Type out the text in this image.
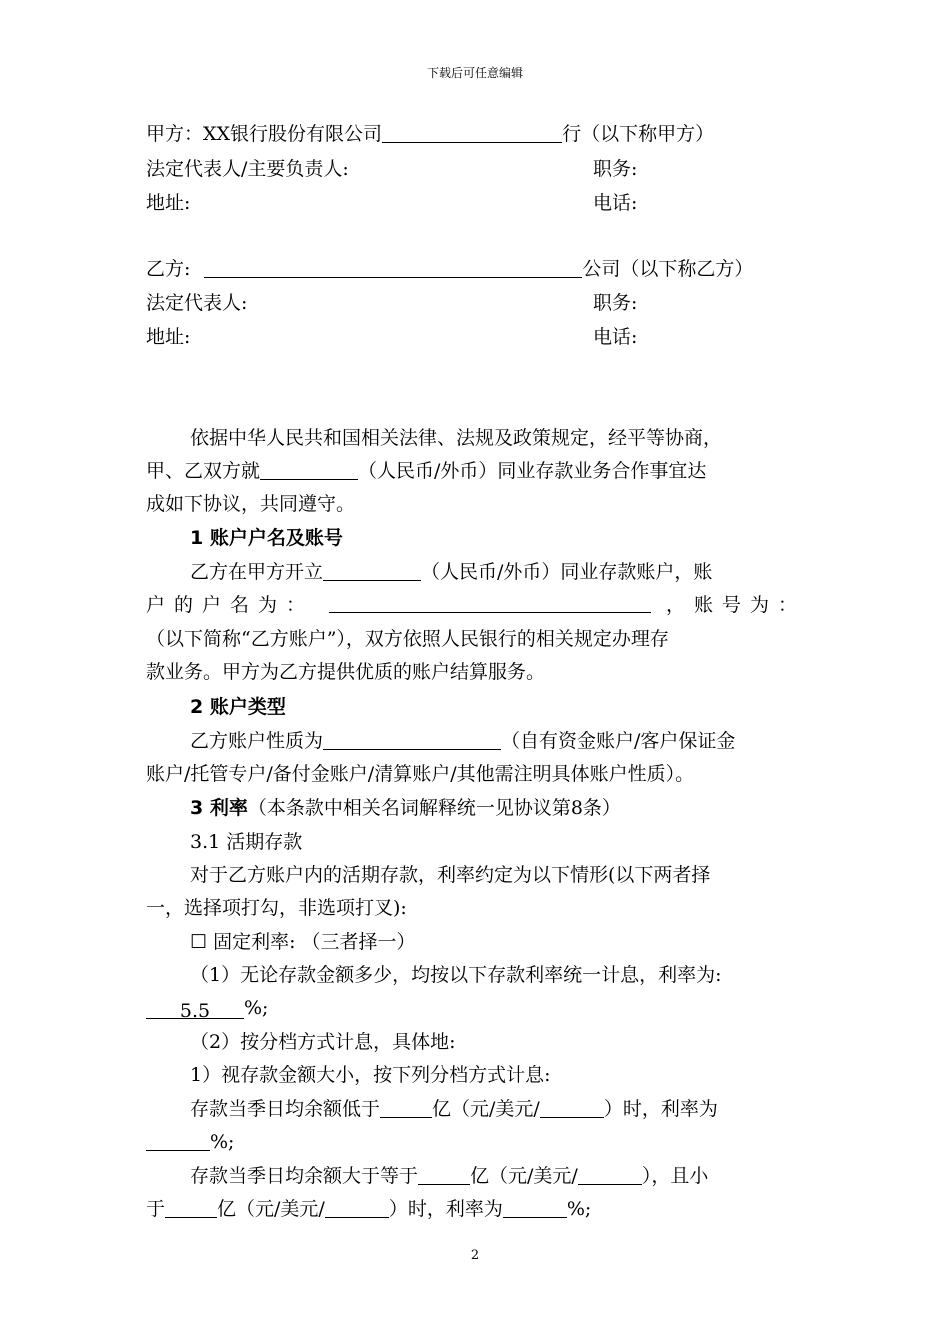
下载后可任意编辑
甲方：XX银行股份有限公司	行（以下称甲方）
法定代表人/主要负责人:	职务:
地址:	电话:
乙方:	公司（以下称乙方）
法定代表人:	职务:
地址:	电话:
依据中华人民共和国相关法律、法规及政策规定，经平等协商，
甲、乙双方就	（人民币/外币）同业存款业务合作事宜达
成如下协议，共同遵守。
1 账户户名及账号
乙方在甲方开立	（人民币/外币）同业存款账户，账
户的户名为：	，账号为：
（以下简称“乙方账户”），双方依照人民银行的相关规定办理存
款业务。甲方为乙方提供优质的账户结算服务。
2 账户类型
乙方账户性质为	（自有资金账户/客户保证金
账户/托管专户/备付金账户/清算账户/其他需注明具体账户性质）。
3 利率（本条款中相关名词解释统一见协议第8条）
3.1 活期存款
对于乙方账户内的活期存款，利率约定为以下情形(以下两者择
一，选择项打勾，非选项打叉):
☐ 固定利率: （三者择一）
（1）无论存款金额多少，均按以下存款利率统一计息，利率为:
5.5 %;
（2）按分档方式计息，具体地:
1）视存款金额大小，按下列分档方式计息:
存款当季日均余额低于	亿（元/美元/	）时，利率为
%;
存款当季日均余额大于等于	亿（元/美元/	），且小
于	亿（元/美元/	）时，利率为	%;
2
